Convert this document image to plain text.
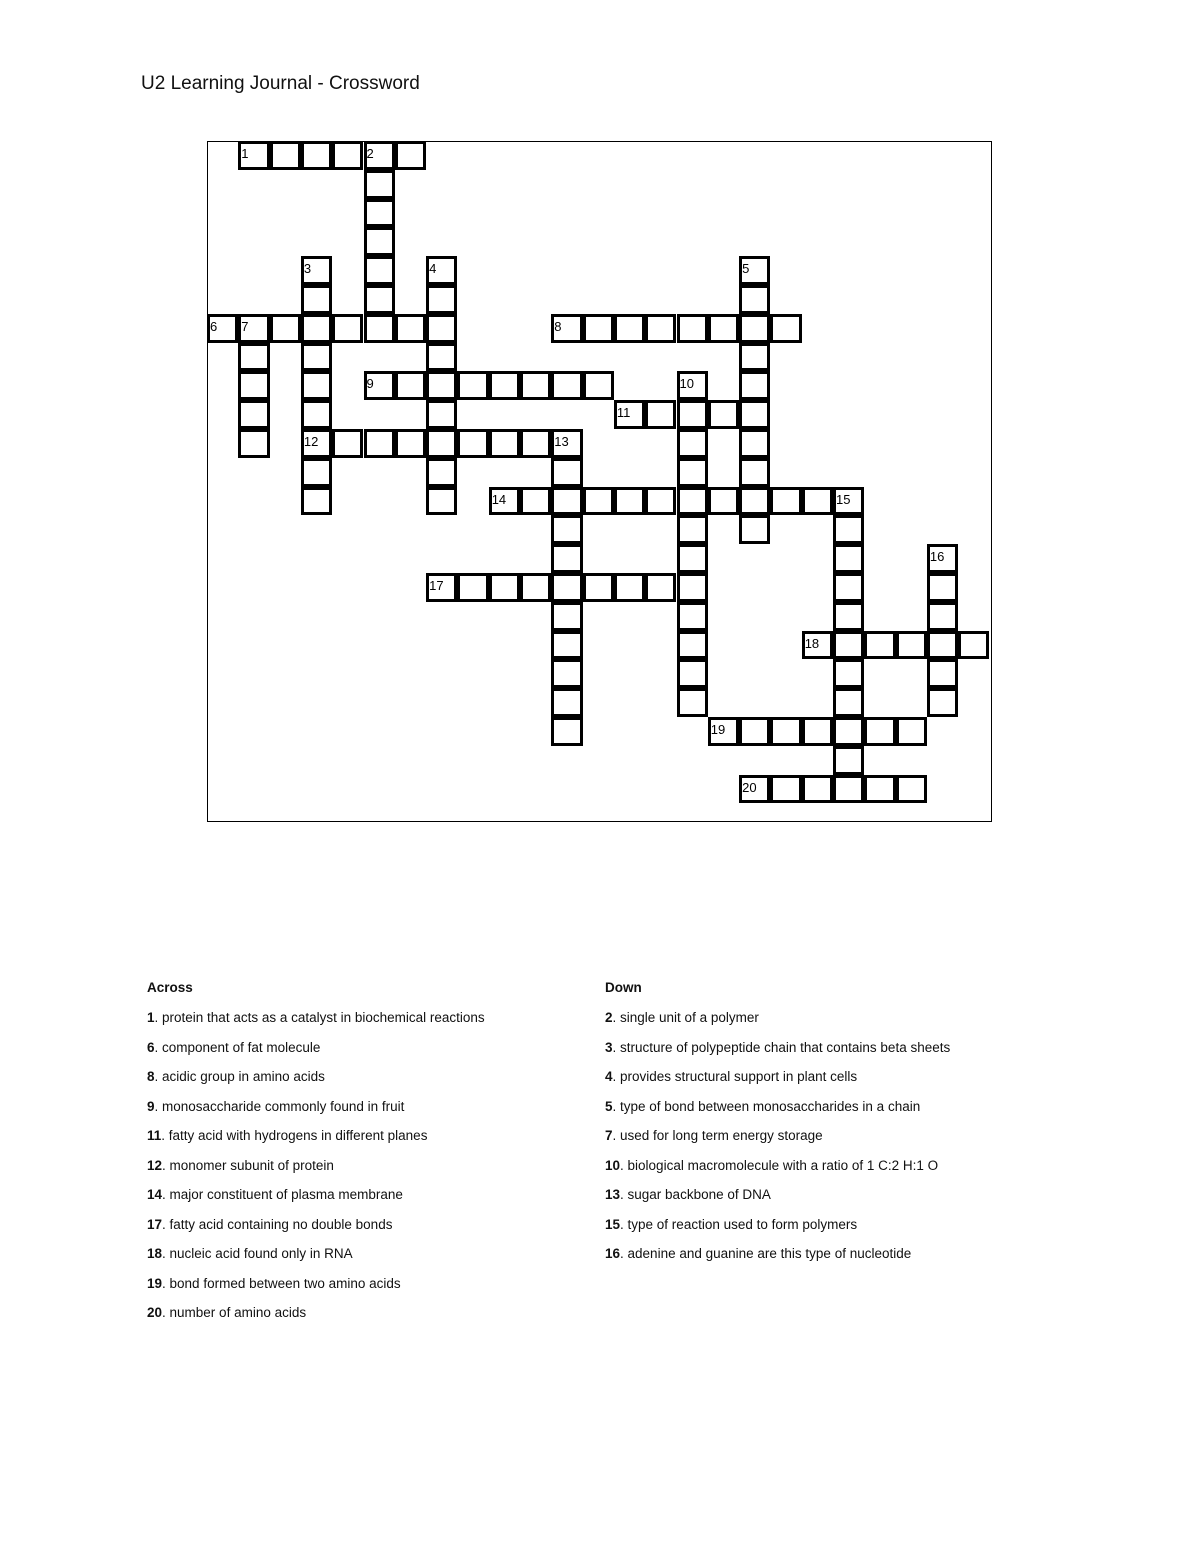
U2 Learning Journal - Crossword
1	2
3	4	5
6 7	8
9	10
11
12	13
14	15
16
17
18
19
20
Across
1. protein that acts as a catalyst in biochemical reactions
6. component of fat molecule
8. acidic group in amino acids
9. monosaccharide commonly found in fruit
11. fatty acid with hydrogens in different planes
12. monomer subunit of protein
14. major constituent of plasma membrane
17. fatty acid containing no double bonds
18. nucleic acid found only in RNA
19. bond formed between two amino acids
20. number of amino acids
Down
2. single unit of a polymer
3. structure of polypeptide chain that contains beta sheets
4. provides structural support in plant cells
5. type of bond between monosaccharides in a chain
7. used for long term energy storage
10. biological macromolecule with a ratio of 1 C:2 H:1 O
13. sugar backbone of DNA
15. type of reaction used to form polymers
16. adenine and guanine are this type of nucleotide
